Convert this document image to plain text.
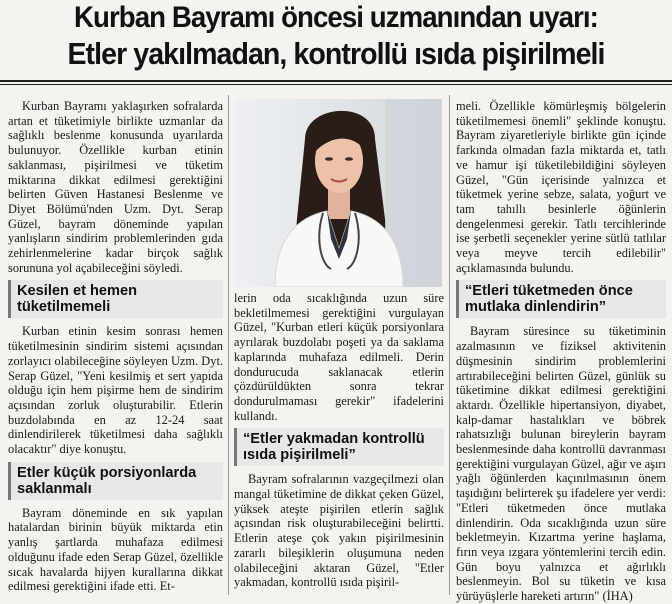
Kurban Bayramı öncesi uzmanından uyarı:
Etler yakılmadan, kontrollü ısıda pişirilmeli

Kurban Bayramı yaklaşırken sofralarda artan et tüketimiyle birlikte uzmanlar da sağlıklı beslenme konusunda uyarılarda bulunuyor. Özellikle kurban etinin saklanması, pişirilmesi ve tüketim miktarına dikkat edilmesi gerektiğini belirten Güven Hastanesi Beslenme ve Diyet Bölümü'nden Uzm. Dyt. Serap Güzel, bayram döneminde yapılan yanlışların sindirim problemlerinden gıda zehirlenmelerine kadar birçok sağlık sorununa yol açabileceğini söyledi.

Kesilen et hemen tüketilmemeli

Kurban etinin kesim sonrası hemen tüketilmesinin sindirim sistemi açısından zorlayıcı olabileceğine söyleyen Uzm. Dyt. Serap Güzel, "Yeni kesilmiş et sert yapıda olduğu için hem pişirme hem de sindirim açısından zorluk oluşturabilir. Etlerin buzdolabında en az 12-24 saat dinlendirilerek tüketilmesi daha sağlıklı olacaktır" diye konuştu.

Etler küçük porsiyonlarda saklanmalı

Bayram döneminde en sık yapılan hatalardan birinin büyük miktarda etin yanlış şartlarda muhafaza edilmesi olduğunu ifade eden Serap Güzel, özellikle sıcak havalarda hijyen kurallarına dikkat edilmesi gerektiğini ifade etti. Et-

lerin oda sıcaklığında uzun süre bekletilmemesi gerektiğini vurgulayan Güzel, "Kurban etleri küçük porsiyonlara ayrılarak buzdolabı poşeti ya da saklama kaplarında muhafaza edilmeli. Derin dondurucuda saklanacak etlerin çözdürüldükten sonra tekrar dondurulmaması gerekir" ifadelerini kullandı.

“Etler yakmadan kontrollü ısıda pişirilmeli”

Bayram sofralarının vazgeçilmezi olan mangal tüketimine de dikkat çeken Güzel, yüksek ateşte pişirilen etlerin sağlık açısından risk oluşturabileceğini belirtti. Etlerin ateşe çok yakın pişirilmesinin zararlı bileşiklerin oluşumuna neden olabileceğini aktaran Güzel, "Etler yakmadan, kontrollü ısıda pişiril-

meli. Özellikle kömürleşmiş bölgelerin tüketilmemesi önemli" şeklinde konuştu. Bayram ziyaretleriyle birlikte gün içinde farkında olmadan fazla miktarda et, tatlı ve hamur işi tüketilebildiğini söyleyen Güzel, "Gün içerisinde yalnızca et tüketmek yerine sebze, salata, yoğurt ve tam tahıllı besinlerle öğünlerin dengelenmesi gerekir. Tatlı tercihlerinde ise şerbetli seçenekler yerine sütlü tatlılar veya meyve tercih edilebilir" açıklamasında bulundu.

“Etleri tüketmeden önce mutlaka dinlendirin”

Bayram süresince su tüketiminin azalmasının ve fiziksel aktivitenin düşmesinin sindirim problemlerini artırabileceğini belirten Güzel, günlük su tüketimine dikkat edilmesi gerektiğini aktardı. Özellikle hipertansiyon, diyabet, kalp-damar hastalıkları ve böbrek rahatsızlığı bulunan bireylerin bayram beslenmesinde daha kontrollü davranması gerektiğini vurgulayan Güzel, ağır ve aşırı yağlı öğünlerden kaçınılmasının önem taşıdığını belirterek şu ifadelere yer verdi: "Etleri tüketmeden önce mutlaka dinlendirin. Oda sıcaklığında uzun süre bekletmeyin. Kızartma yerine haşlama, fırın veya ızgara yöntemlerini tercih edin. Gün boyu yalnızca et ağırlıklı beslenmeyin. Bol su tüketin ve kısa yürüyüşlerle hareketi artırın" (İHA)
